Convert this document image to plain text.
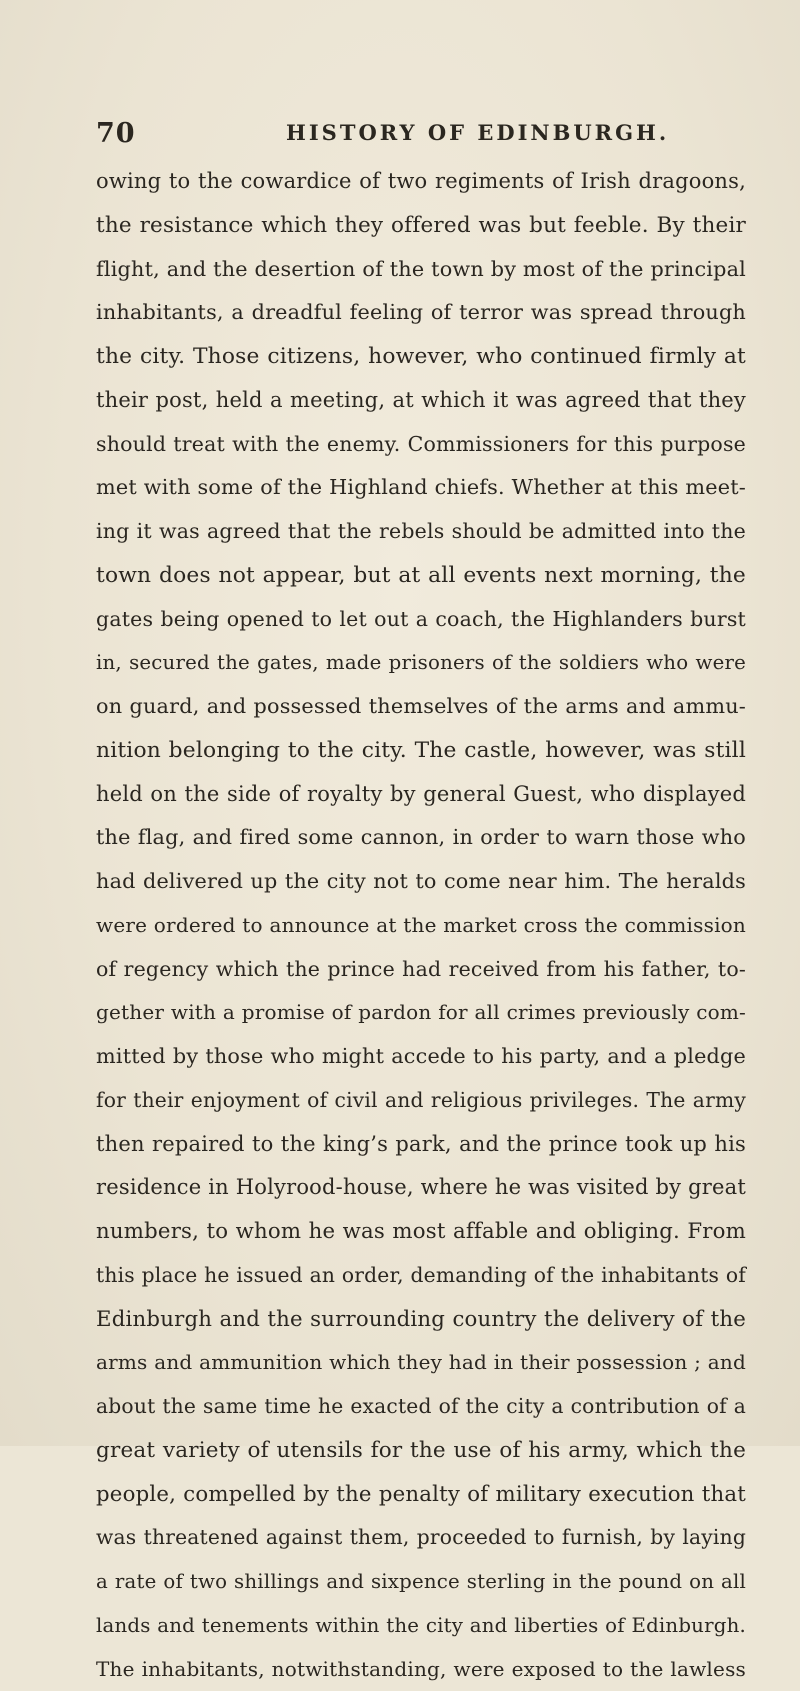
70	HISTORY OF EDINBURGH.
owing to the cowardice of two regiments of Irish dragoons,
the resistance which they offered was but feeble. By their
flight, and the desertion of the town by most of the principal
inhabitants, a dreadful feeling of terror was spread through
the city. Those citizens, however, who continued firmly at
their post, held a meeting, at which it was agreed that they
should treat with the enemy. Commissioners for this purpose
met with some of the Highland chiefs. Whether at this meet-
ing it was agreed that the rebels should be admitted into the
town does not appear, but at all events next morning, the
gates being opened to let out a coach, the Highlanders burst
in, secured the gates, made prisoners of the soldiers who were
on guard, and possessed themselves of the arms and ammu-
nition belonging to the city. The castle, however, was still
held on the side of royalty by general Guest, who displayed
the flag, and fired some cannon, in order to warn those who
had delivered up the city not to come near him. The heralds
were ordered to announce at the market cross the commission
of regency which the prince had received from his father, to-
gether with a promise of pardon for all crimes previously com-
mitted by those who might accede to his party, and a pledge
for their enjoyment of civil and religious privileges. The army
then repaired to the king’s park, and the prince took up his
residence in Holyrood-house, where he was visited by great
numbers, to whom he was most affable and obliging. From
this place he issued an order, demanding of the inhabitants of
Edinburgh and the surrounding country the delivery of the
arms and ammunition which they had in their possession ; and
about the same time he exacted of the city a contribution of a
great variety of utensils for the use of his army, which the
people, compelled by the penalty of military execution that
was threatened against them, proceeded to furnish, by laying
a rate of two shillings and sixpence sterling in the pound on all
lands and tenements within the city and liberties of Edinburgh.
The inhabitants, notwithstanding, were exposed to the lawless
